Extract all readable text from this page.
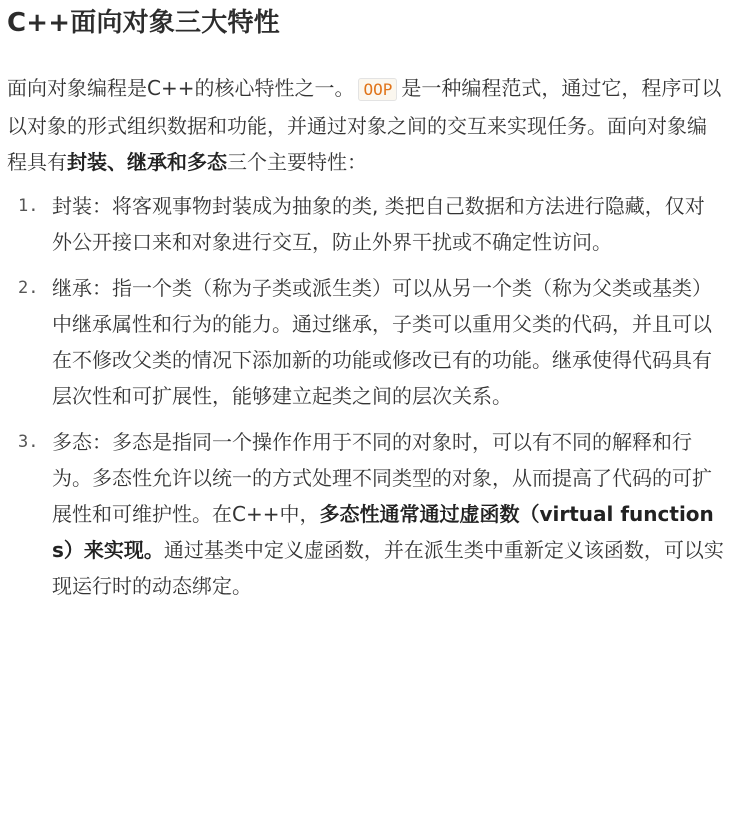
C++面向对象三大特性

面向对象编程是C++的核心特性之一。 OOP 是一种编程范式，通过它，程序可以以对象的形式组织数据和功能，并通过对象之间的交互来实现任务。面向对象编程具有封装、继承和多态三个主要特性：

1. 封装：将客观事物封装成为抽象的类, 类把自己数据和方法进行隐藏，仅对外公开接口来和对象进行交互，防止外界干扰或不确定性访问。
2. 继承：指一个类（称为子类或派生类）可以从另一个类（称为父类或基类）中继承属性和行为的能力。通过继承，子类可以重用父类的代码，并且可以在不修改父类的情况下添加新的功能或修改已有的功能。继承使得代码具有层次性和可扩展性，能够建立起类之间的层次关系。
3. 多态：多态是指同一个操作作用于不同的对象时，可以有不同的解释和行为。多态性允许以统一的方式处理不同类型的对象，从而提高了代码的可扩展性和可维护性。在C++中，多态性通常通过虚函数（virtual functions）来实现。通过基类中定义虚函数，并在派生类中重新定义该函数，可以实现运行时的动态绑定。
